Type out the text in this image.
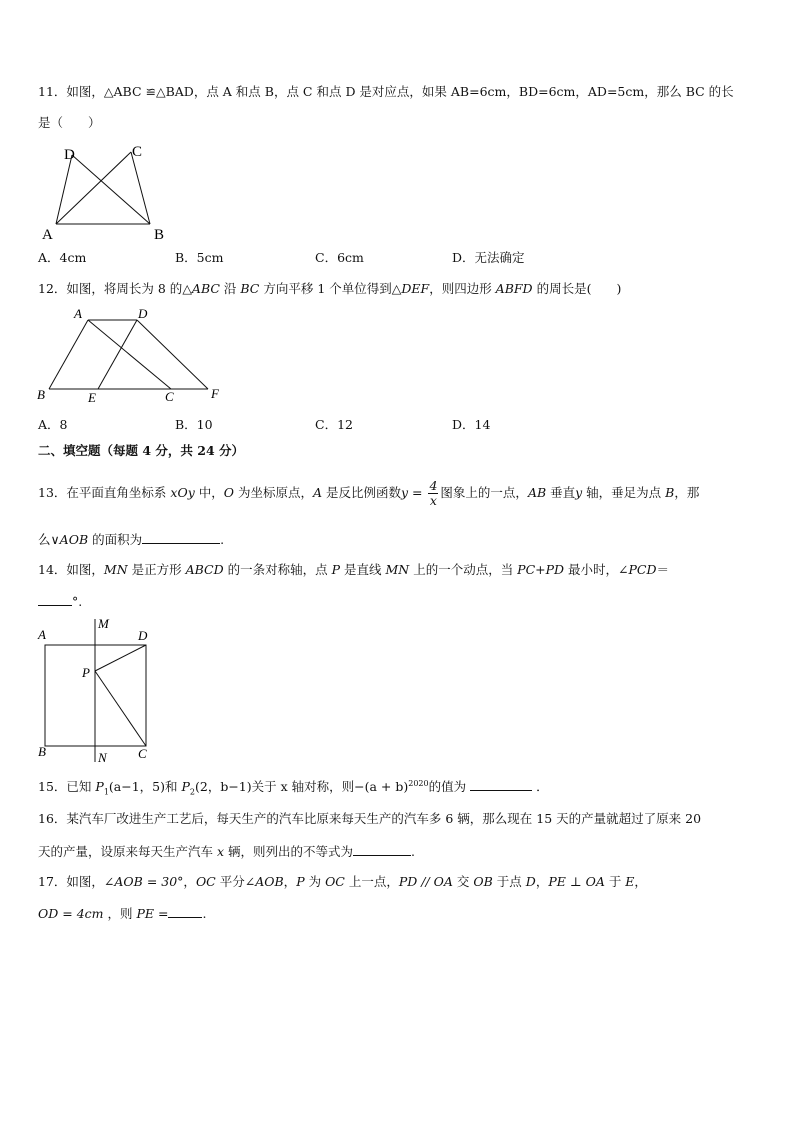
11．如图，△ABC ≌△BAD，点 A 和点 B，点 C 和点 D 是对应点，如果 AB=6cm，BD=6cm，AD=5cm，那么 BC 的长
是（　　）
D	C
A	B
A．4cm	B．5cm	C．6cm	D．无法确定
12．如图，将周长为 8 的△ABC 沿 BC 方向平移 1 个单位得到△DEF，则四边形 ABFD 的周长是(　　)
A	D
B	E	C	F
A．8	B．10	C．12	D．14
二、填空题（每题 4 分，共 24 分）
13．在平面直角坐标系 xOy 中，O 为坐标原点，A 是反比例函数$y = \frac{4}{x}$ 图象上的一点，AB 垂直y 轴，垂足为点 B，那
么∨AOB 的面积为	.
14．如图，MN 是正方形 ABCD 的一条对称轴，点 P 是直线 MN 上的一个动点，当 PC+PD 最小时，∠PCD＝
°.
A
M
D
P
B	N C
15．已知 $P_1(a-1$，5)和 $P_2(2$，b−1)关于 x 轴对称，则$-(a + b)^{2020}$的值为	．
16．某汽车厂改进生产工艺后，每天生产的汽车比原来每天生产的汽车多 6 辆，那么现在 15 天的产量就超过了原来 20
天的产量，设原来每天生产汽车 x 辆，则列出的不等式为	.
17．如图，∠AOB = 30°，OC 平分∠AOB，P 为 OC 上一点，PD // OA 交 OB 于点 D，PE ⊥ OA 于 E，
OD = 4cm ，则 PE =	.
